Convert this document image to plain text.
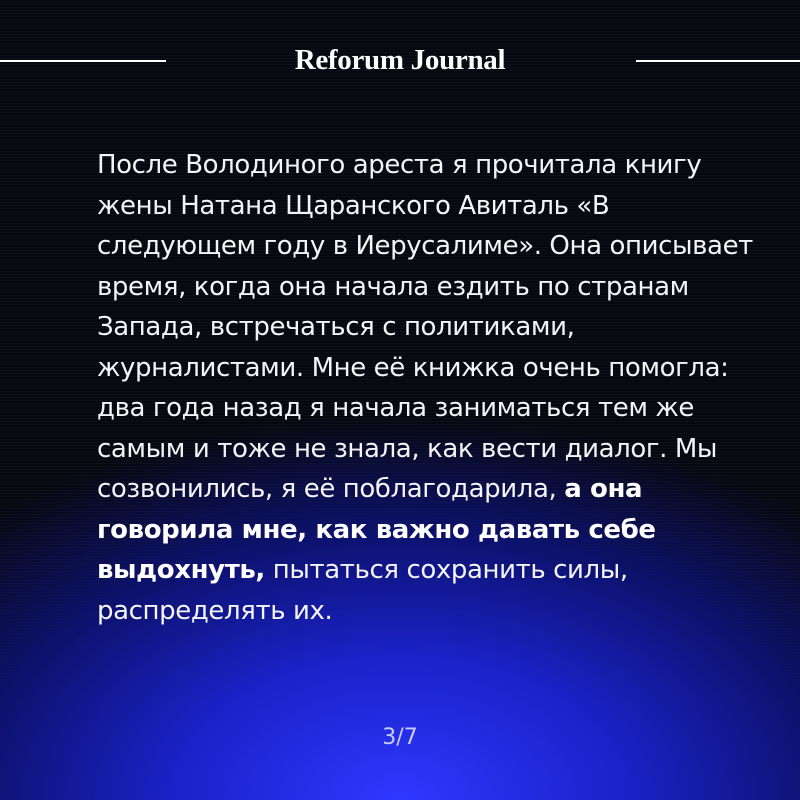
Reforum Journal
После Володиного ареста я прочитала книгу жены Натана Щаранского Авиталь «В следующем году в Иерусалиме». Она описывает время, когда она начала ездить по странам Запада, встречаться с политиками, журналистами. Мне её книжка очень помогла: два года назад я начала заниматься тем же самым и тоже не знала, как вести диалог. Мы созвонились, я её поблагодарила, а она говорила мне, как важно давать себе выдохнуть, пытаться сохранить силы, распределять их.
3/7
